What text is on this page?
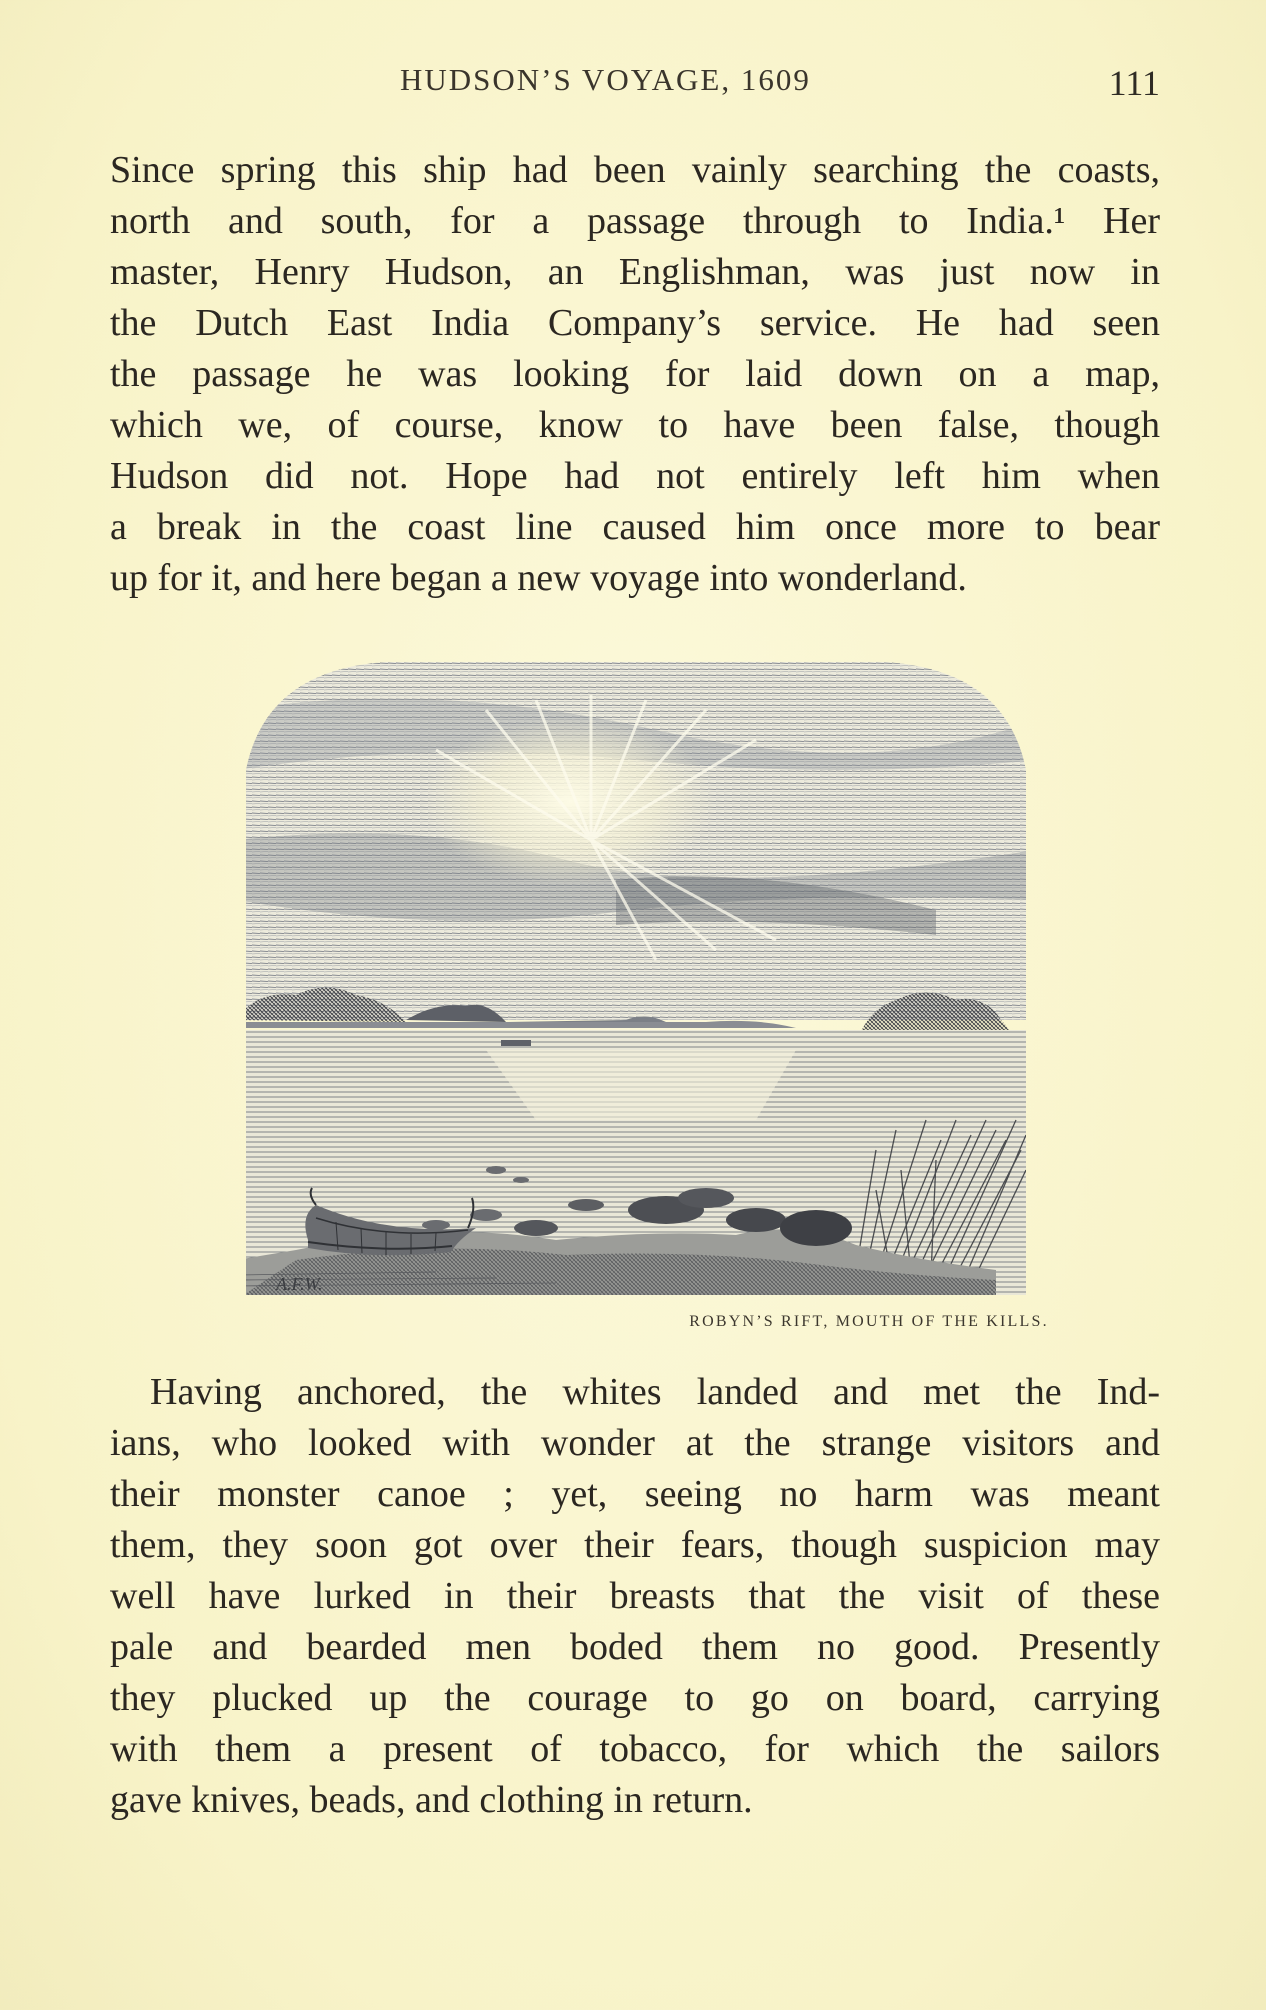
HUDSON’S VOYAGE, 1609	111
Since spring this ship had been vainly searching the coasts,
north and south, for a passage through to India.¹ Her
master, Henry Hudson, an Englishman, was just now in
the Dutch East India Company’s service. He had seen
the passage he was looking for laid down on a map,
which we, of course, know to have been false, though
Hudson did not. Hope had not entirely left him when
a break in the coast line caused him once more to bear
up for it, and here began a new voyage into wonderland.
A.F.W.
ROBYN’S RIFT, MOUTH OF THE KILLS.
Having anchored, the whites landed and met the Ind-
ians, who looked with wonder at the strange visitors and
their monster canoe ; yet, seeing no harm was meant
them, they soon got over their fears, though suspicion may
well have lurked in their breasts that the visit of these
pale and bearded men boded them no good. Presently
they plucked up the courage to go on board, carrying
with them a present of tobacco, for which the sailors
gave knives, beads, and clothing in return.
